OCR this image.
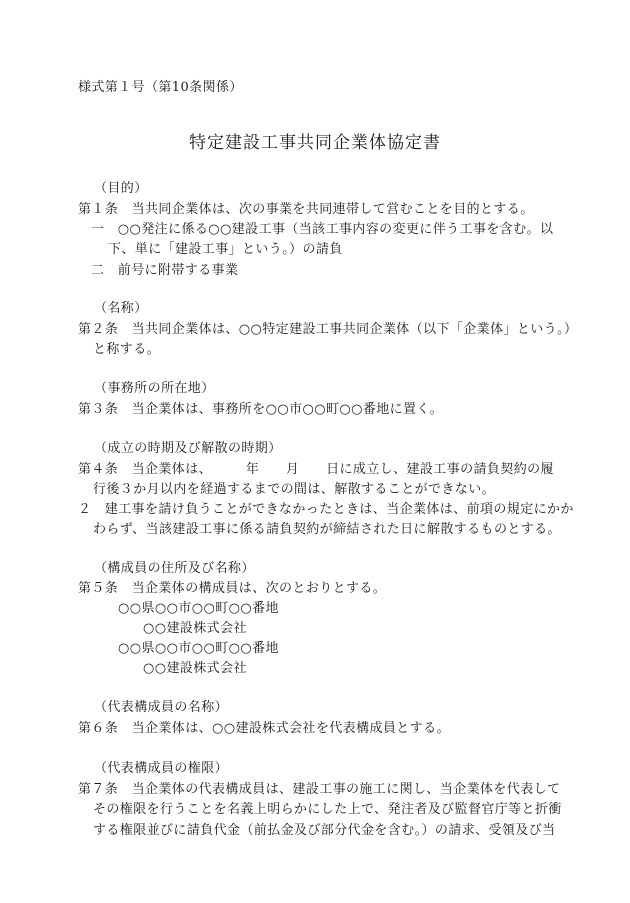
様式第１号（第10条関係）
特定建設工事共同企業体協定書
（目的）
第１条　当共同企業体は、次の事業を共同連帯して営むことを目的とする。
一　○○発注に係る○○建設工事（当該工事内容の変更に伴う工事を含む。以
下、単に「建設工事」という。）の請負
二　前号に附帯する事業
（名称）
第２条　当共同企業体は、○○特定建設工事共同企業体（以下「企業体」という。）
と称する。
（事務所の所在地）
第３条　当企業体は、事務所を○○市○○町○○番地に置く。
（成立の時期及び解散の時期）
第４条　当企業体は、　　　年　　月　　日に成立し、建設工事の請負契約の履
行後３か月以内を経過するまでの間は、解散することができない。
２　建工事を請け負うことができなかったときは、当企業体は、前項の規定にかか
わらず、当該建設工事に係る請負契約が締結された日に解散するものとする。
（構成員の住所及び名称）
第５条　当企業体の構成員は、次のとおりとする。
○○県○○市○○町○○番地
○○建設株式会社
○○県○○市○○町○○番地
○○建設株式会社
（代表構成員の名称）
第６条　当企業体は、○○建設株式会社を代表構成員とする。
（代表構成員の権限）
第７条　当企業体の代表構成員は、建設工事の施工に関し、当企業体を代表して
その権限を行うことを名義上明らかにした上で、発注者及び監督官庁等と折衝
する権限並びに請負代金（前払金及び部分代金を含む。）の請求、受領及び当
